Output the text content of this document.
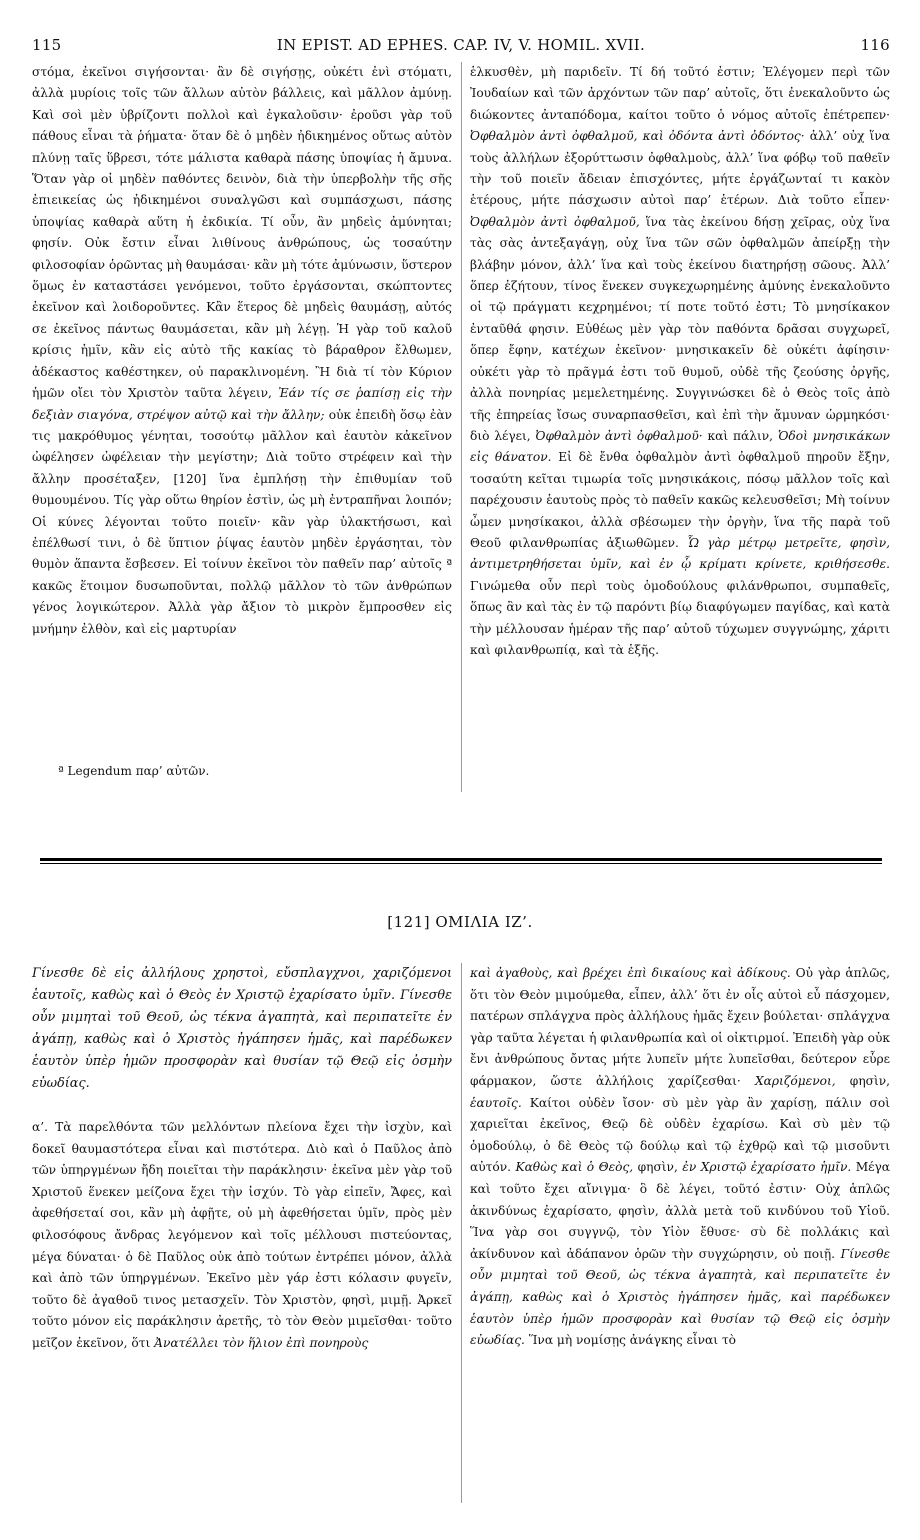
115	IN EPIST. AD EPHES. CAP. IV, V. HOMIL. XVII.	116

στόμα, ἐκεῖνοι σιγήσονται· ἂν δὲ σιγήσῃς, οὐκέτι ἐνὶ στόματι, ἀλλὰ μυρίοις τοῖς τῶν ἄλλων αὐτὸν βάλλεις, καὶ μᾶλλον ἀμύνῃ. Καὶ σοὶ μὲν ὑβρίζοντι πολλοὶ καὶ ἐγκαλοῦσιν· ἐροῦσι γὰρ τοῦ πάθους εἶναι τὰ ῥήματα· ὅταν δὲ ὁ μηδὲν ἠδικημένος οὕτως αὐτὸν πλύνῃ ταῖς ὕβρεσι, τότε μάλιστα καθαρὰ πάσης ὑποψίας ἡ ἄμυνα. Ὅταν γὰρ οἱ μηδὲν παθόντες δεινὸν, διὰ τὴν ὑπερβολὴν τῆς σῆς ἐπιεικείας ὡς ἠδικημένοι συναλγῶσι καὶ συμπάσχωσι, πάσης ὑποψίας καθαρὰ αὕτη ἡ ἐκδικία. Τί οὖν, ἂν μηδεὶς ἀμύνηται; φησίν. Οὐκ ἔστιν εἶναι λιθίνους ἀνθρώπους, ὡς τοσαύτην φιλοσοφίαν ὁρῶντας μὴ θαυμάσαι· κἂν μὴ τότε ἀμύνωσιν, ὕστερον ὅμως ἐν καταστάσει γενόμενοι, τοῦτο ἐργάσονται, σκώπτοντες ἐκεῖνον καὶ λοιδοροῦντες. Κἂν ἕτερος δὲ μηδεὶς θαυμάσῃ, αὐτός σε ἐκεῖνος πάντως θαυμάσεται, κἂν μὴ λέγῃ. Ἡ γὰρ τοῦ καλοῦ κρίσις ἡμῖν, κἂν εἰς αὐτὸ τῆς κακίας τὸ βάραθρον ἔλθωμεν, ἀδέκαστος καθέστηκεν, οὐ παρακλινομένη. Ἢ διὰ τί τὸν Κύριον ἡμῶν οἴει τὸν Χριστὸν ταῦτα λέγειν, Ἐάν τίς σε ῥαπίσῃ εἰς τὴν δεξιὰν σιαγόνα, στρέψον αὐτῷ καὶ τὴν ἄλλην; οὐκ ἐπειδὴ ὅσῳ ἐὰν τις μακρόθυμος γένηται, τοσούτῳ μᾶλλον καὶ ἑαυτὸν κἀκεῖνον ὠφέλησεν ὠφέλειαν τὴν μεγίστην; Διὰ τοῦτο στρέφειν καὶ τὴν ἄλλην προσέταξεν, [120] ἵνα ἐμπλήσῃ τὴν ἐπιθυμίαν τοῦ θυμουμένου. Τίς γὰρ οὕτω θηρίον ἐστὶν, ὡς μὴ ἐντραπῆναι λοιπόν; Οἱ κύνες λέγονται τοῦτο ποιεῖν· κἂν γὰρ ὑλακτήσωσι, καὶ ἐπέλθωσί τινι, ὁ δὲ ὕπτιον ῥίψας ἑαυτὸν μηδὲν ἐργάσηται, τὸν θυμὸν ἅπαντα ἔσβεσεν. Εἰ τοίνυν ἐκεῖνοι τὸν παθεῖν παρ’ αὐτοῖς ª κακῶς ἕτοιμον δυσωποῦνται, πολλῷ μᾶλλον τὸ τῶν ἀνθρώπων γένος λογικώτερον. Ἀλλὰ γὰρ ἄξιον τὸ μικρὸν ἔμπροσθεν εἰς μνήμην ἐλθὸν, καὶ εἰς μαρτυρίαν

ἑλκυσθὲν, μὴ παριδεῖν. Τί δή τοῦτό ἐστιν; Ἐλέγομεν περὶ τῶν Ἰουδαίων καὶ τῶν ἀρχόντων τῶν παρ’ αὐτοῖς, ὅτι ἐνεκαλοῦντο ὡς διώκοντες ἀνταπόδομα, καίτοι τοῦτο ὁ νόμος αὐτοῖς ἐπέτρεπεν· Ὀφθαλμὸν ἀντὶ ὀφθαλμοῦ, καὶ ὀδόντα ἀντὶ ὀδόντος· ἀλλ’ οὐχ ἵνα τοὺς ἀλλήλων ἐξορύττωσιν ὀφθαλμοὺς, ἀλλ’ ἵνα φόβῳ τοῦ παθεῖν τὴν τοῦ ποιεῖν ἄδειαν ἐπισχόντες, μήτε ἐργάζωνταί τι κακὸν ἑτέρους, μήτε πάσχωσιν αὐτοὶ παρ’ ἑτέρων. Διὰ τοῦτο εἶπεν· Ὀφθαλμὸν ἀντὶ ὀφθαλμοῦ, ἵνα τὰς ἐκείνου δήσῃ χεῖρας, οὐχ ἵνα τὰς σὰς ἀντεξαγάγῃ, οὐχ ἵνα τῶν σῶν ὀφθαλμῶν ἀπείρξῃ τὴν βλάβην μόνον, ἀλλ’ ἵνα καὶ τοὺς ἐκείνου διατηρήσῃ σῶους. Ἀλλ’ ὅπερ ἐζήτουν, τίνος ἕνεκεν συγκεχωρημένης ἀμύνης ἐνεκαλοῦντο οἱ τῷ πράγματι κεχρημένοι; τί ποτε τοῦτό ἐστι; Τὸ μνησίκακον ἐνταῦθά φησιν. Εὐθέως μὲν γὰρ τὸν παθόντα δρᾶσαι συγχωρεῖ, ὅπερ ἔφην, κατέχων ἐκεῖνον· μνησικακεῖν δὲ οὐκέτι ἀφίησιν· οὐκέτι γὰρ τὸ πρᾶγμά ἐστι τοῦ θυμοῦ, οὐδὲ τῆς ζεούσης ὀργῆς, ἀλλὰ πονηρίας μεμελετημένης. Συγγινώσκει δὲ ὁ Θεὸς τοῖς ἀπὸ τῆς ἐπηρείας ἴσως συναρπασθεῖσι, καὶ ἐπὶ τὴν ἄμυναν ὡρμηκόσι· διὸ λέγει, Ὀφθαλμὸν ἀντὶ ὀφθαλμοῦ· καὶ πάλιν, Ὁδοὶ μνησικάκων εἰς θάνατον. Εἰ δὲ ἔνθα ὀφθαλμὸν ἀντὶ ὀφθαλμοῦ πηροῦν ἔξην, τοσαύτη κεῖται τιμωρία τοῖς μνησικάκοις, πόσῳ μᾶλλον τοῖς καὶ παρέχουσιν ἑαυτοὺς πρὸς τὸ παθεῖν κακῶς κελευσθεῖσι; Μὴ τοίνυν ὦμεν μνησίκακοι, ἀλλὰ σβέσωμεν τὴν ὀργὴν, ἵνα τῆς παρὰ τοῦ Θεοῦ φιλανθρωπίας ἀξιωθῶμεν. Ὧ γὰρ μέτρῳ μετρεῖτε, φησὶν, ἀντιμετρηθήσεται ὑμῖν, καὶ ἐν ᾧ κρίματι κρίνετε, κριθήσεσθε. Γινώμεθα οὖν περὶ τοὺς ὁμοδούλους φιλάνθρωποι, συμπαθεῖς, ὅπως ἂν καὶ τὰς ἐν τῷ παρόντι βίῳ διαφύγωμεν παγίδας, καὶ κατὰ τὴν μέλλουσαν ἡμέραν τῆς παρ’ αὐτοῦ τύχωμεν συγγνώμης, χάριτι καὶ φιλανθρωπίᾳ, καὶ τὰ ἑξῆς.

ª Legendum παρ’ αὐτῶν.
[121] ΟΜΙΛΙΑ ΙΖ’.

Γίνεσθε δὲ εἰς ἀλλήλους χρηστοὶ, εὔσπλαγχνοι, χαριζόμενοι ἑαυτοῖς, καθὼς καὶ ὁ Θεὸς ἐν Χριστῷ ἐχαρίσατο ὑμῖν. Γίνεσθε οὖν μιμηταὶ τοῦ Θεοῦ, ὡς τέκνα ἀγαπητὰ, καὶ περιπατεῖτε ἐν ἀγάπῃ, καθὼς καὶ ὁ Χριστὸς ἠγάπησεν ἡμᾶς, καὶ παρέδωκεν ἑαυτὸν ὑπὲρ ἡμῶν προσφορὰν καὶ θυσίαν τῷ Θεῷ εἰς ὀσμὴν εὐωδίας.

α’. Τὰ παρελθόντα τῶν μελλόντων πλείονα ἔχει τὴν ἰσχὺν, καὶ δοκεῖ θαυμαστότερα εἶναι καὶ πιστότερα. Διὸ καὶ ὁ Παῦλος ἀπὸ τῶν ὑπηργμένων ἤδη ποιεῖται τὴν παράκλησιν· ἐκεῖνα μὲν γὰρ τοῦ Χριστοῦ ἕνεκεν μείζονα ἔχει τὴν ἰσχύν. Τὸ γὰρ εἰπεῖν, Ἄφες, καὶ ἀφεθήσεταί σοι, κἂν μὴ ἀφῇτε, οὐ μὴ ἀφεθήσεται ὑμῖν, πρὸς μὲν φιλοσόφους ἄνδρας λεγόμενον καὶ τοῖς μέλλουσι πιστεύοντας, μέγα δύναται· ὁ δὲ Παῦλος οὐκ ἀπὸ τούτων ἐντρέπει μόνον, ἀλλὰ καὶ ἀπὸ τῶν ὑπηργμένων. Ἐκεῖνο μὲν γάρ ἐστι κόλασιν φυγεῖν, τοῦτο δὲ ἀγαθοῦ τινος μετασχεῖν. Τὸν Χριστὸν, φησὶ, μιμῇ. Ἀρκεῖ τοῦτο μόνον εἰς παράκλησιν ἀρετῆς, τὸ τὸν Θεὸν μιμεῖσθαι· τοῦτο μεῖζον ἐκεῖνον, ὅτι Ἀνατέλλει τὸν ἥλιον ἐπὶ πονηροὺς

καὶ ἀγαθοὺς, καὶ βρέχει ἐπὶ δικαίους καὶ ἀδίκους. Οὐ γὰρ ἁπλῶς, ὅτι τὸν Θεὸν μιμούμεθα, εἶπεν, ἀλλ’ ὅτι ἐν οἷς αὐτοὶ εὖ πάσχομεν, πατέρων σπλάγχνα πρὸς ἀλλήλους ἡμᾶς ἔχειν βούλεται· σπλάγχνα γὰρ ταῦτα λέγεται ἡ φιλανθρωπία καὶ οἱ οἰκτιρμοί. Ἐπειδὴ γὰρ οὐκ ἔνι ἀνθρώπους ὄντας μήτε λυπεῖν μήτε λυπεῖσθαι, δεύτερον εὗρε φάρμακον, ὥστε ἀλλήλοις χαρίζεσθαι· Χαριζόμενοι, φησὶν, ἑαυτοῖς. Καίτοι οὐδὲν ἴσον· σὺ μὲν γὰρ ἂν χαρίσῃ, πάλιν σοὶ χαριεῖται ἐκεῖνος, Θεῷ δὲ οὐδὲν ἐχαρίσω. Καὶ σὺ μὲν τῷ ὁμοδούλῳ, ὁ δὲ Θεὸς τῷ δούλῳ καὶ τῷ ἐχθρῷ καὶ τῷ μισοῦντι αὐτόν. Καθὼς καὶ ὁ Θεὸς, φησὶν, ἐν Χριστῷ ἐχαρίσατο ἡμῖν. Μέγα καὶ τοῦτο ἔχει αἴνιγμα· ὃ δὲ λέγει, τοῦτό ἐστιν· Οὐχ ἁπλῶς ἀκινδύνως ἐχαρίσατο, φησὶν, ἀλλὰ μετὰ τοῦ κινδύνου τοῦ Υἱοῦ. Ἵνα γὰρ σοι συγγνῷ, τὸν Υἱὸν ἔθυσε· σὺ δὲ πολλάκις καὶ ἀκίνδυνον καὶ ἀδάπανον ὁρῶν τὴν συγχώρησιν, οὐ ποιῇ. Γίνεσθε οὖν μιμηταὶ τοῦ Θεοῦ, ὡς τέκνα ἀγαπητὰ, καὶ περιπατεῖτε ἐν ἀγάπῃ, καθὼς καὶ ὁ Χριστὸς ἠγάπησεν ἡμᾶς, καὶ παρέδωκεν ἑαυτὸν ὑπὲρ ἡμῶν προσφορὰν καὶ θυσίαν τῷ Θεῷ εἰς ὀσμὴν εὐωδίας. Ἵνα μὴ νομίσῃς ἀνάγκης εἶναι τὸ
